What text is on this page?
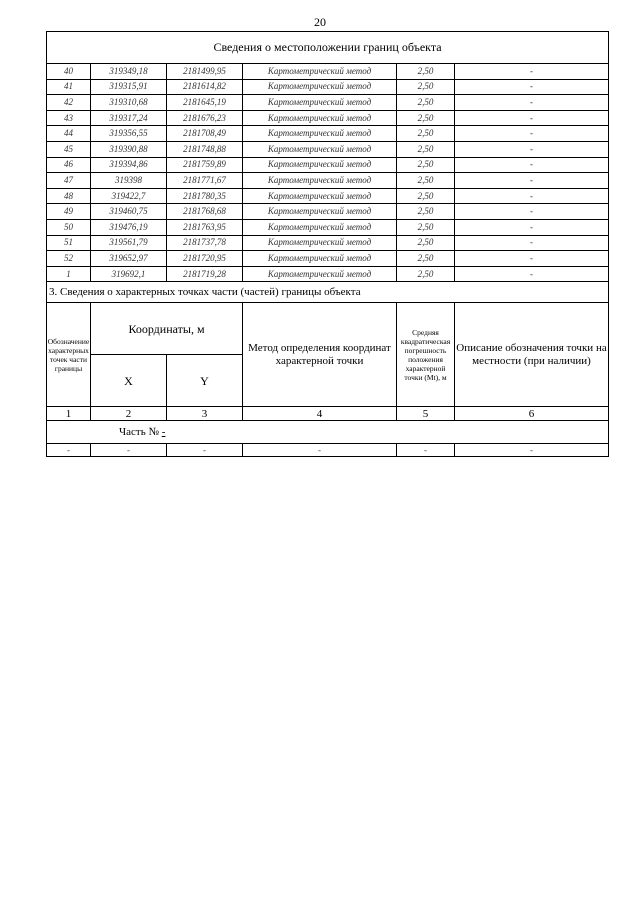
20
Сведения о местоположении границ объекта					
40	319349,18	2181499,95	Картометрический метод	2,50	-
41	319315,91	2181614,82	Картометрический метод	2,50	-
42	319310,68	2181645,19	Картометрический метод	2,50	-
43	319317,24	2181676,23	Картометрический метод	2,50	-
44	319356,55	2181708,49	Картометрический метод	2,50	-
45	319390,88	2181748,88	Картометрический метод	2,50	-
46	319394,86	2181759,89	Картометрический метод	2,50	-
47	319398	2181771,67	Картометрический метод	2,50	-
48	319422,7	2181780,35	Картометрический метод	2,50	-
49	319460,75	2181768,68	Картометрический метод	2,50	-
50	319476,19	2181763,95	Картометрический метод	2,50	-
51	319561,79	2181737,78	Картометрический метод	2,50	-
52	319652,97	2181720,95	Картометрический метод	2,50	-
1	319692,1	2181719,28	Картометрический метод	2,50	-
3. Сведения о характерных точках части (частей) границы объекта					
Обозначение характерных точек части границы	Координаты, м		Метод определения координат характерной точки	Средняя квадратическая погрешность положения характерной точки (Mt), м	Описание обозначения точки на местности (при наличии)
	X	Y			
1	2	3	4	5	6
Часть № -					
-	-	-	-	-	-
